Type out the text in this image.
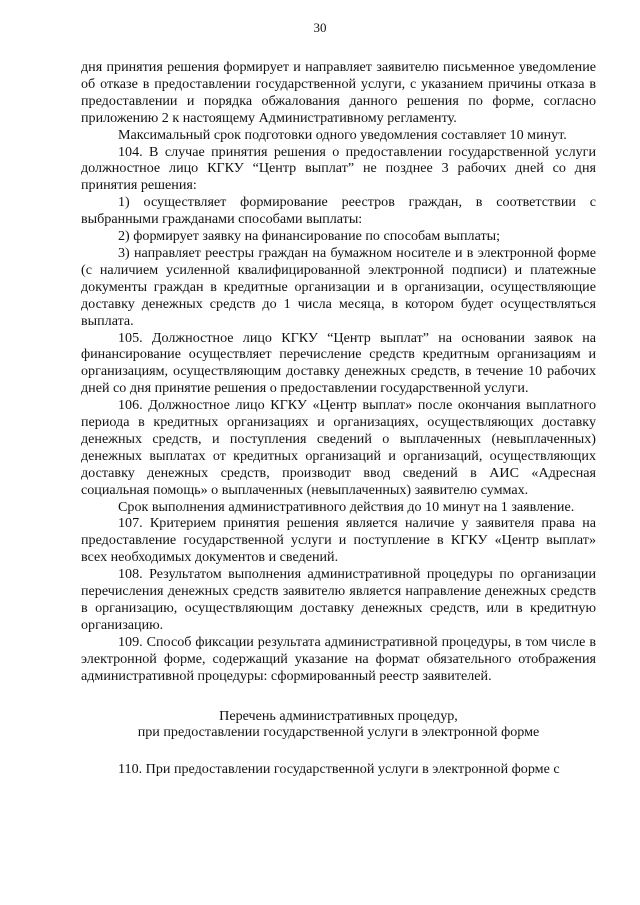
30

дня принятия решения формирует и направляет заявителю письменное уведомление об отказе в предоставлении государственной услуги, с указанием причины отказа в предоставлении и порядка обжалования данного решения по форме, согласно приложению 2 к настоящему Административному регламенту.

Максимальный срок подготовки одного уведомления составляет 10 минут.

104. В случае принятия решения о предоставлении государственной услуги должностное лицо КГКУ “Центр выплат” не позднее 3 рабочих дней со дня принятия решения:

1) осуществляет формирование реестров граждан, в соответствии с выбранными гражданами способами выплаты:

2) формирует заявку на финансирование по способам выплаты;

3) направляет реестры граждан на бумажном носителе и в электронной форме (с наличием усиленной квалифицированной электронной подписи) и платежные документы граждан в кредитные организации и в организации, осуществляющие доставку денежных средств до 1 числа месяца, в котором будет осуществляться выплата.

105. Должностное лицо КГКУ “Центр выплат” на основании заявок на финансирование осуществляет перечисление средств кредитным организациям и организациям, осуществляющим доставку денежных средств, в течение 10 рабочих дней со дня принятие решения о предоставлении государственной услуги.

106. Должностное лицо КГКУ «Центр выплат» после окончания выплатного периода в кредитных организациях и организациях, осуществляющих доставку денежных средств, и поступления сведений о выплаченных (невыплаченных) денежных выплатах от кредитных организаций и организаций, осуществляющих доставку денежных средств, производит ввод сведений в АИС «Адресная социальная помощь» о выплаченных (невыплаченных) заявителю суммах.

Срок выполнения административного действия до 10 минут на 1 заявление.

107. Критерием принятия решения является наличие у заявителя права на предоставление государственной услуги и поступление в КГКУ «Центр выплат» всех необходимых документов и сведений.

108. Результатом выполнения административной процедуры по организации перечисления денежных средств заявителю является направление денежных средств в организацию, осуществляющим доставку денежных средств, или в кредитную организацию.

109. Способ фиксации результата административной процедуры, в том числе в электронной форме, содержащий указание на формат обязательного отображения административной процедуры: сформированный реестр заявителей.

Перечень административных процедур,

при предоставлении государственной услуги в электронной форме

110. При предоставлении государственной услуги в электронной форме с
